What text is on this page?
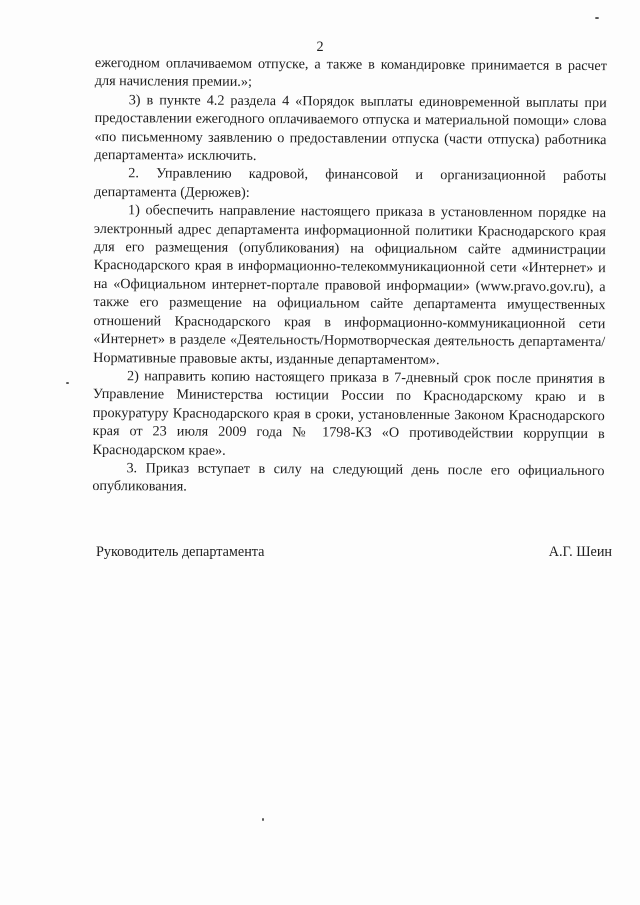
2

ежегодном оплачиваемом отпуске, а также в командировке принимается в расчет для начисления премии.»;

3) в пункте 4.2 раздела 4 «Порядок выплаты единовременной выплаты при предоставлении ежегодного оплачиваемого отпуска и материальной помощи» слова «по письменному заявлению о предоставлении отпуска (части отпуска) работника департамента» исключить.

2. Управлению кадровой, финансовой и организационной работы департамента (Дерюжев):

1) обеспечить направление настоящего приказа в установленном порядке на электронный адрес департамента информационной политики Краснодарского края для его размещения (опубликования) на официальном сайте администрации Краснодарского края в информационно-телекоммуникационной сети «Интернет» и на «Официальном интернет-портале правовой информации» (www.pravo.gov.ru), а также его размещение на официальном сайте департамента имущественных отношений Краснодарского края в информационно-коммуникационной сети «Интернет» в разделе «Деятельность/Нормотворческая деятельность департамента/Нормативные правовые акты, изданные департаментом».

2) направить копию настоящего приказа в 7-дневный срок после принятия в Управление Министерства юстиции России по Краснодарскому краю и в прокуратуру Краснодарского края в сроки, установленные Законом Краснодарского края от 23 июля 2009 года № 1798-КЗ «О противодействии коррупции в Краснодарском крае».

3. Приказ вступает в силу на следующий день после его официального опубликования.

Руководитель департамента	А.Г. Шеин
